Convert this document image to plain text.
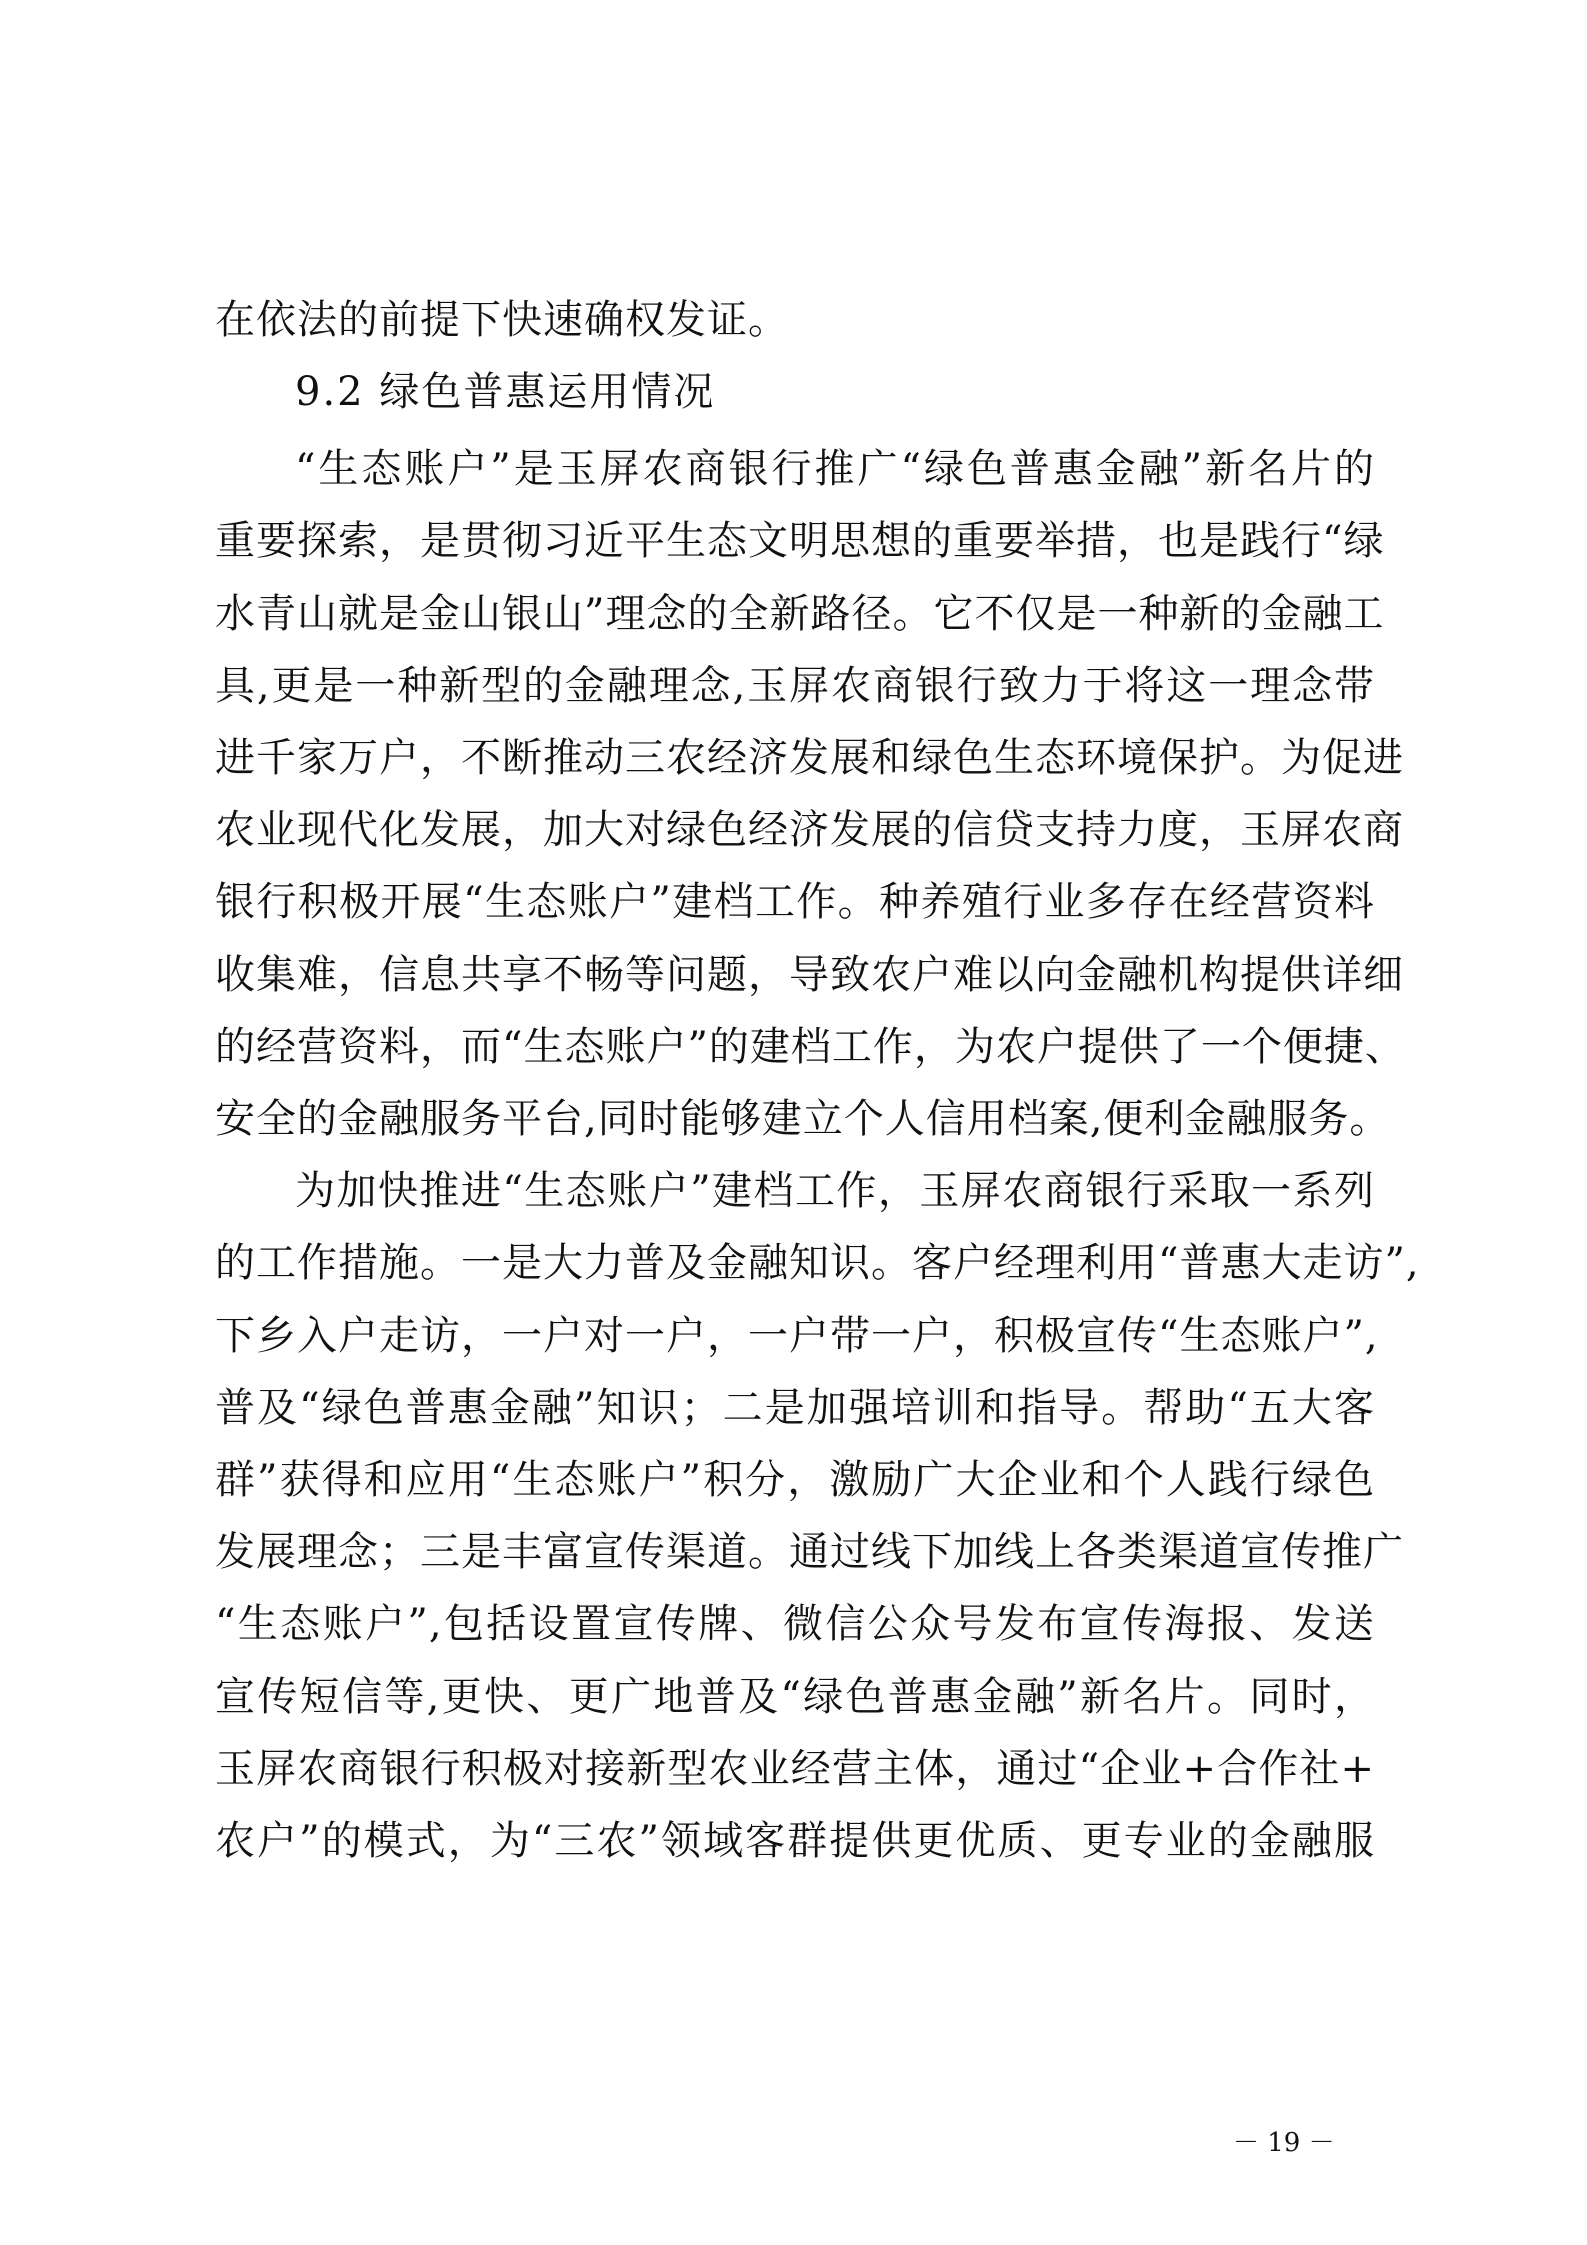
在依法的前提下快速确权发证。
9.2 绿色普惠运用情况
“生态账户”是玉屏农商银行推广“绿色普惠金融”新名片的
重要探索，是贯彻习近平生态文明思想的重要举措，也是践行“绿
水青山就是金山银山”理念的全新路径。它不仅是一种新的金融工
具,更是一种新型的金融理念,玉屏农商银行致力于将这一理念带
进千家万户，不断推动三农经济发展和绿色生态环境保护。为促进
农业现代化发展，加大对绿色经济发展的信贷支持力度，玉屏农商
银行积极开展“生态账户”建档工作。种养殖行业多存在经营资料
收集难，信息共享不畅等问题，导致农户难以向金融机构提供详细
的经营资料，而“生态账户”的建档工作，为农户提供了一个便捷、
安全的金融服务平台,同时能够建立个人信用档案,便利金融服务。
为加快推进“生态账户”建档工作，玉屏农商银行采取一系列
的工作措施。一是大力普及金融知识。客户经理利用“普惠大走访”,
下乡入户走访，一户对一户，一户带一户，积极宣传“生态账户”,
普及“绿色普惠金融”知识；二是加强培训和指导。帮助“五大客
群”获得和应用“生态账户”积分，激励广大企业和个人践行绿色
发展理念；三是丰富宣传渠道。通过线下加线上各类渠道宣传推广
“生态账户”,包括设置宣传牌、微信公众号发布宣传海报、发送
宣传短信等,更快、更广地普及“绿色普惠金融”新名片。同时，
玉屏农商银行积极对接新型农业经营主体，通过“企业+合作社+
农户”的模式，为“三农”领域客群提供更优质、更专业的金融服
－ 19 －
